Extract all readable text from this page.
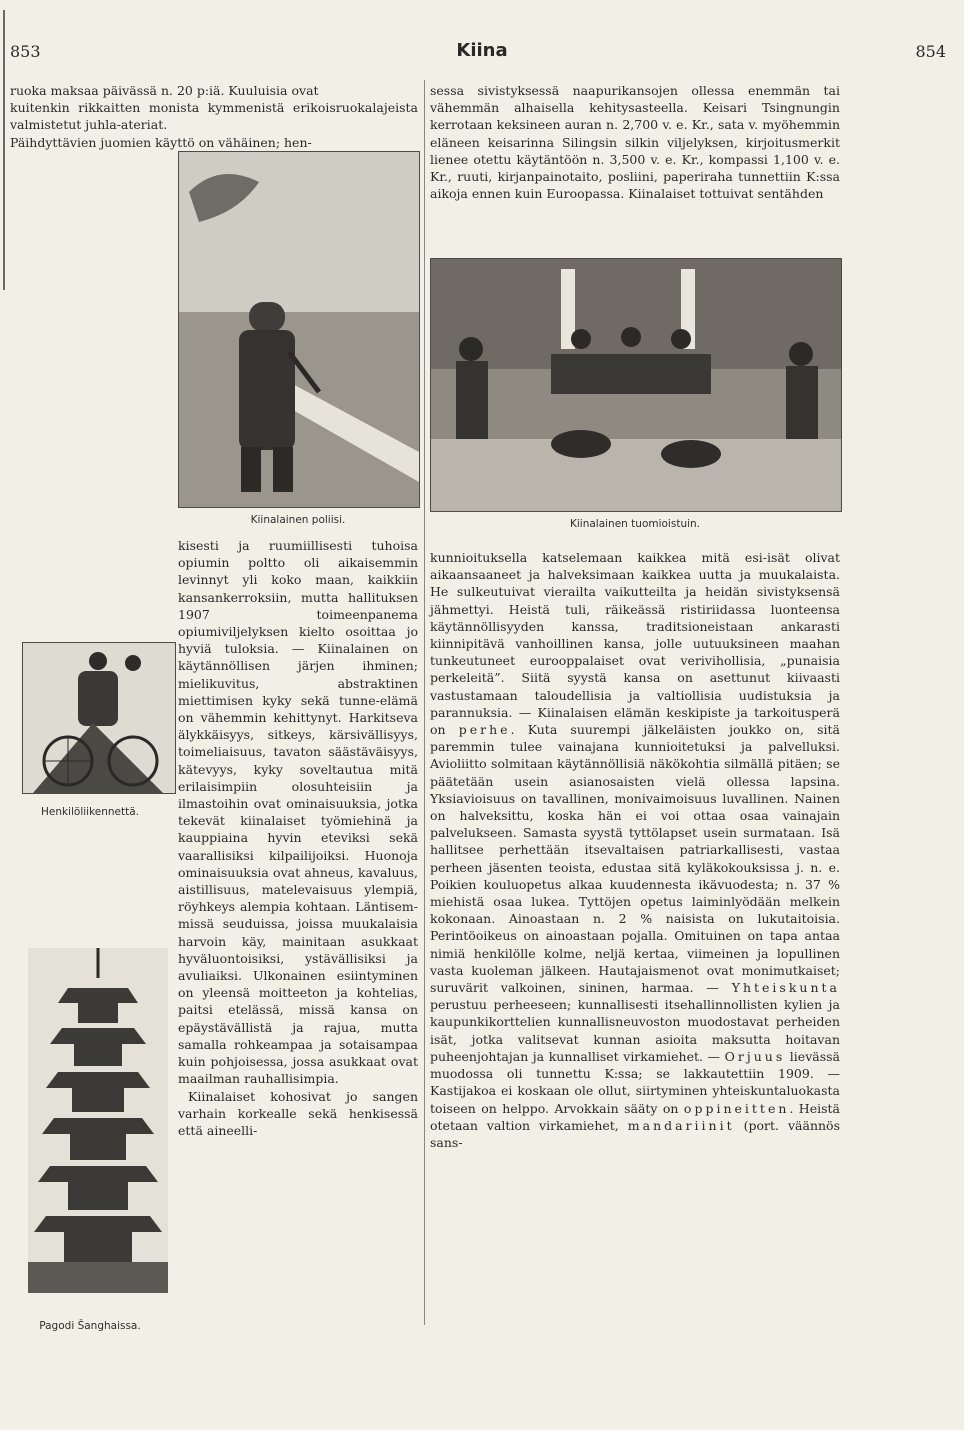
853	Kiina	854

ruoka maksaa päivässä n. 20 p:iä. Kuuluisia ovat

kuitenkin rikkaitten monista kymmenistä erikoisruokalajeista valmistetut juhla-ateriat.

Päihdyttävien juomien käyttö on vähäinen; hen-

Kiinalainen poliisi.

kisesti ja ruumiillisesti tuhoisa opiumin poltto oli aikaisemmin levinnyt yli koko maan, kaikkiin kansankerroksiin, mutta hallituksen 1907 toimeenpanema opiumiviljelyksen kielto osoittaa jo hyviä tuloksia. — Kiinalainen on käytännöllisen järjen ihminen; mielikuvitus, abstraktinen miettimisen kyky sekä tunne-elämä on vähemmin kehittynyt. Harkitseva älykkäisyys, sitkeys, kärsivällisyys, toimeliaisuus, tavaton säästäväisyys, kätevyys, kyky soveltautua mitä erilaisimpiin olosuhteisiin ja ilmastoihin ovat ominaisuuksia, jotka tekevät kiinalaiset työmiehinä ja kauppiaina hyvin eteviksi sekä vaarallisiksi kilpailijoiksi. Huonoja ominaisuuksia ovat ahneus, kavaluus, aistillisuus, matelevaisuus ylempiä, röyhkeys alempia kohtaan. Läntisemmissä seuduissa, joissa muukalaisia harvoin käy, mainitaan asukkaat hyväluontoisiksi, ystävällisiksi ja avuliaiksi. Ulkonainen esiintyminen on yleensä moitteeton ja kohtelias, paitsi etelässä, missä kansa on epäystävällistä ja rajua, mutta samalla rohkeampaa ja sotaisampaa kuin pohjoisessa, jossa asukkaat ovat maailman rauhallisimpia.

Kiinalaiset kohosivat jo sangen varhain korkealle sekä henkisessä että aineelli-

Henkilöliikennettä.
Pagodi Šanghaissa.

sessa sivistyksessä naapurikansojen ollessa enemmän tai vähemmän alhaisella kehitysasteella. Keisari Tsingnungin kerrotaan keksineen auran n. 2,700 v. e. Kr., sata v. myöhemmin eläneen keisarinna Silingsin silkin viljelyksen, kirjoitusmerkit lienee otettu käytäntöön n. 3,500 v. e. Kr., kompassi 1,100 v. e. Kr., ruuti, kirjanpainotaito, posliini, paperiraha tunnettiin K:ssa aikoja ennen kuin Euroopassa. Kiinalaiset tottuivat sentähden

Kiinalainen tuomioistuin.

kunnioituksella katselemaan kaikkea mitä esi-isät olivat aikaansaaneet ja halveksimaan kaikkea uutta ja muukalaista. He sulkeutuivat vierailta vaikutteilta ja heidän sivistyksensä jähmettyi. Heistä tuli, räikeässä ristiriidassa luonteensa käytännöllisyyden kanssa, traditsioneistaan ankarasti kiinnipitävä vanhoillinen kansa, jolle uutuuksineen maahan tunkeutuneet eurooppalaiset ovat verivihollisia, „punaisia perkeleitä”. Siitä syystä kansa on asettunut kiivaasti vastustamaan taloudellisia ja valtiollisia uudistuksia ja parannuksia. — Kiinalaisen elämän keskipiste ja tarkoitusperä on perhe. Kuta suurempi jälkeläisten joukko on, sitä paremmin tulee vainajana kunnioitetuksi ja palvelluksi. Avioliitto solmitaan käytännöllisiä näkökohtia silmällä pitäen; se päätetään usein asianosaisten vielä ollessa lapsina. Yksiavioisuus on tavallinen, monivaimoisuus luvallinen. Nainen on halveksittu, koska hän ei voi ottaa osaa vainajain palvelukseen. Samasta syystä tyttölapset usein surmataan. Isä hallitsee perhettään itsevaltaisen patriarkallisesti, vastaa perheen jäsenten teoista, edustaa sitä kyläkokouksissa j. n. e. Poikien kouluopetus alkaa kuudennesta ikävuodesta; n. 37 % miehistä osaa lukea. Tyttöjen opetus laiminlyödään melkein kokonaan. Ainoastaan n. 2 % naisista on lukutaitoisia. Perintöoikeus on ainoastaan pojalla. Omituinen on tapa antaa nimiä henkilölle kolme, neljä kertaa, viimeinen ja lopullinen vasta kuoleman jälkeen. Hautajaismenot ovat monimutkaiset; suruvärit valkoinen, sininen, harmaa. — Yhteiskunta perustuu perheeseen; kunnallisesti itsehallinnollisten kylien ja kaupunkikorttelien kunnallisneuvoston muodostavat perheiden isät, jotka valitsevat kunnan asioita maksutta hoitavan puheenjohtajan ja kunnalliset virkamiehet. — Orjuus lievässä muodossa oli tunnettu K:ssa; se lakkautettiin 1909. — Kastijakoa ei koskaan ole ollut, siirtyminen yhteiskuntaluokasta toiseen on helppo. Arvokkain sääty on oppineitten. Heistä otetaan valtion virkamiehet, mandariinit (port. väännös sans-
